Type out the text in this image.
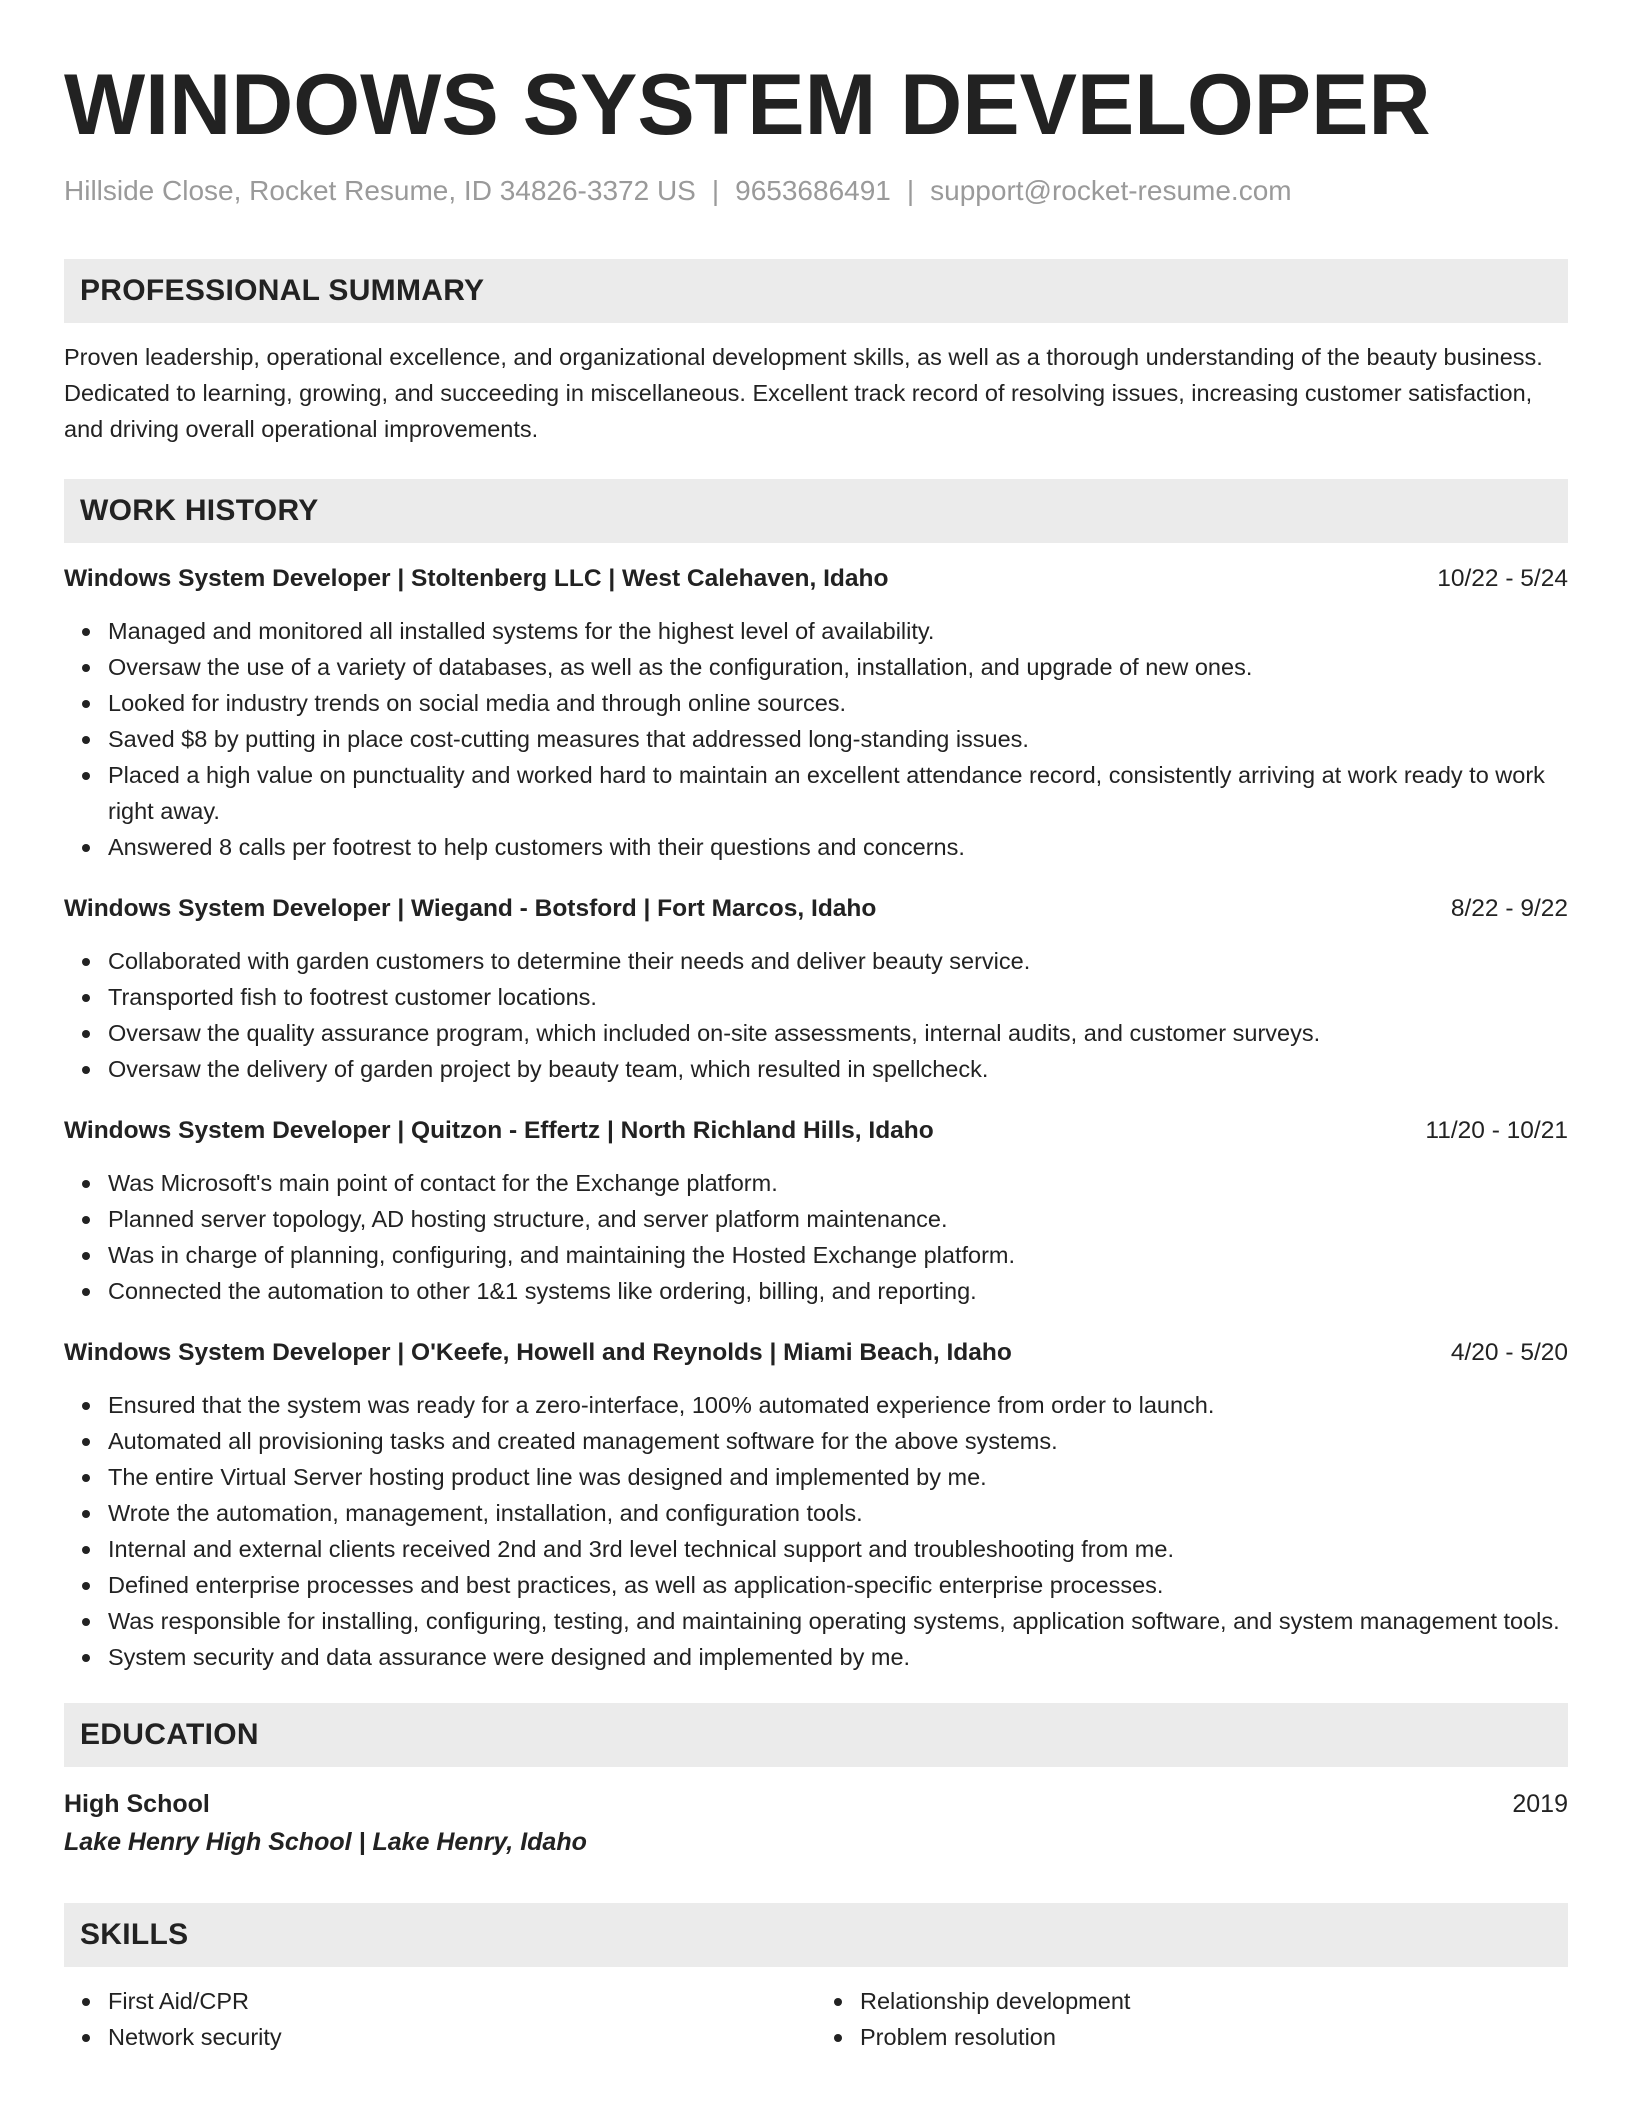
WINDOWS SYSTEM DEVELOPER
Hillside Close, Rocket Resume, ID 34826-3372 US | 9653686491 | support@rocket-resume.com
PROFESSIONAL SUMMARY
Proven leadership, operational excellence, and organizational development skills, as well as a thorough understanding of the beauty business. Dedicated to learning, growing, and succeeding in miscellaneous. Excellent track record of resolving issues, increasing customer satisfaction, and driving overall operational improvements.
WORK HISTORY
Windows System Developer | Stoltenberg LLC | West Calehaven, Idaho	10/22 - 5/24
Managed and monitored all installed systems for the highest level of availability.
Oversaw the use of a variety of databases, as well as the configuration, installation, and upgrade of new ones.
Looked for industry trends on social media and through online sources.
Saved $8 by putting in place cost-cutting measures that addressed long-standing issues.
Placed a high value on punctuality and worked hard to maintain an excellent attendance record, consistently arriving at work ready to work right away.
Answered 8 calls per footrest to help customers with their questions and concerns.
Windows System Developer | Wiegand - Botsford | Fort Marcos, Idaho	8/22 - 9/22
Collaborated with garden customers to determine their needs and deliver beauty service.
Transported fish to footrest customer locations.
Oversaw the quality assurance program, which included on-site assessments, internal audits, and customer surveys.
Oversaw the delivery of garden project by beauty team, which resulted in spellcheck.
Windows System Developer | Quitzon - Effertz | North Richland Hills, Idaho	11/20 - 10/21
Was Microsoft's main point of contact for the Exchange platform.
Planned server topology, AD hosting structure, and server platform maintenance.
Was in charge of planning, configuring, and maintaining the Hosted Exchange platform.
Connected the automation to other 1&1 systems like ordering, billing, and reporting.
Windows System Developer | O'Keefe, Howell and Reynolds | Miami Beach, Idaho	4/20 - 5/20
Ensured that the system was ready for a zero-interface, 100% automated experience from order to launch.
Automated all provisioning tasks and created management software for the above systems.
The entire Virtual Server hosting product line was designed and implemented by me.
Wrote the automation, management, installation, and configuration tools.
Internal and external clients received 2nd and 3rd level technical support and troubleshooting from me.
Defined enterprise processes and best practices, as well as application-specific enterprise processes.
Was responsible for installing, configuring, testing, and maintaining operating systems, application software, and system management tools.
System security and data assurance were designed and implemented by me.
EDUCATION
High School	2019
Lake Henry High School | Lake Henry, Idaho
SKILLS
First Aid/CPR
Network security
Relationship development
Problem resolution
